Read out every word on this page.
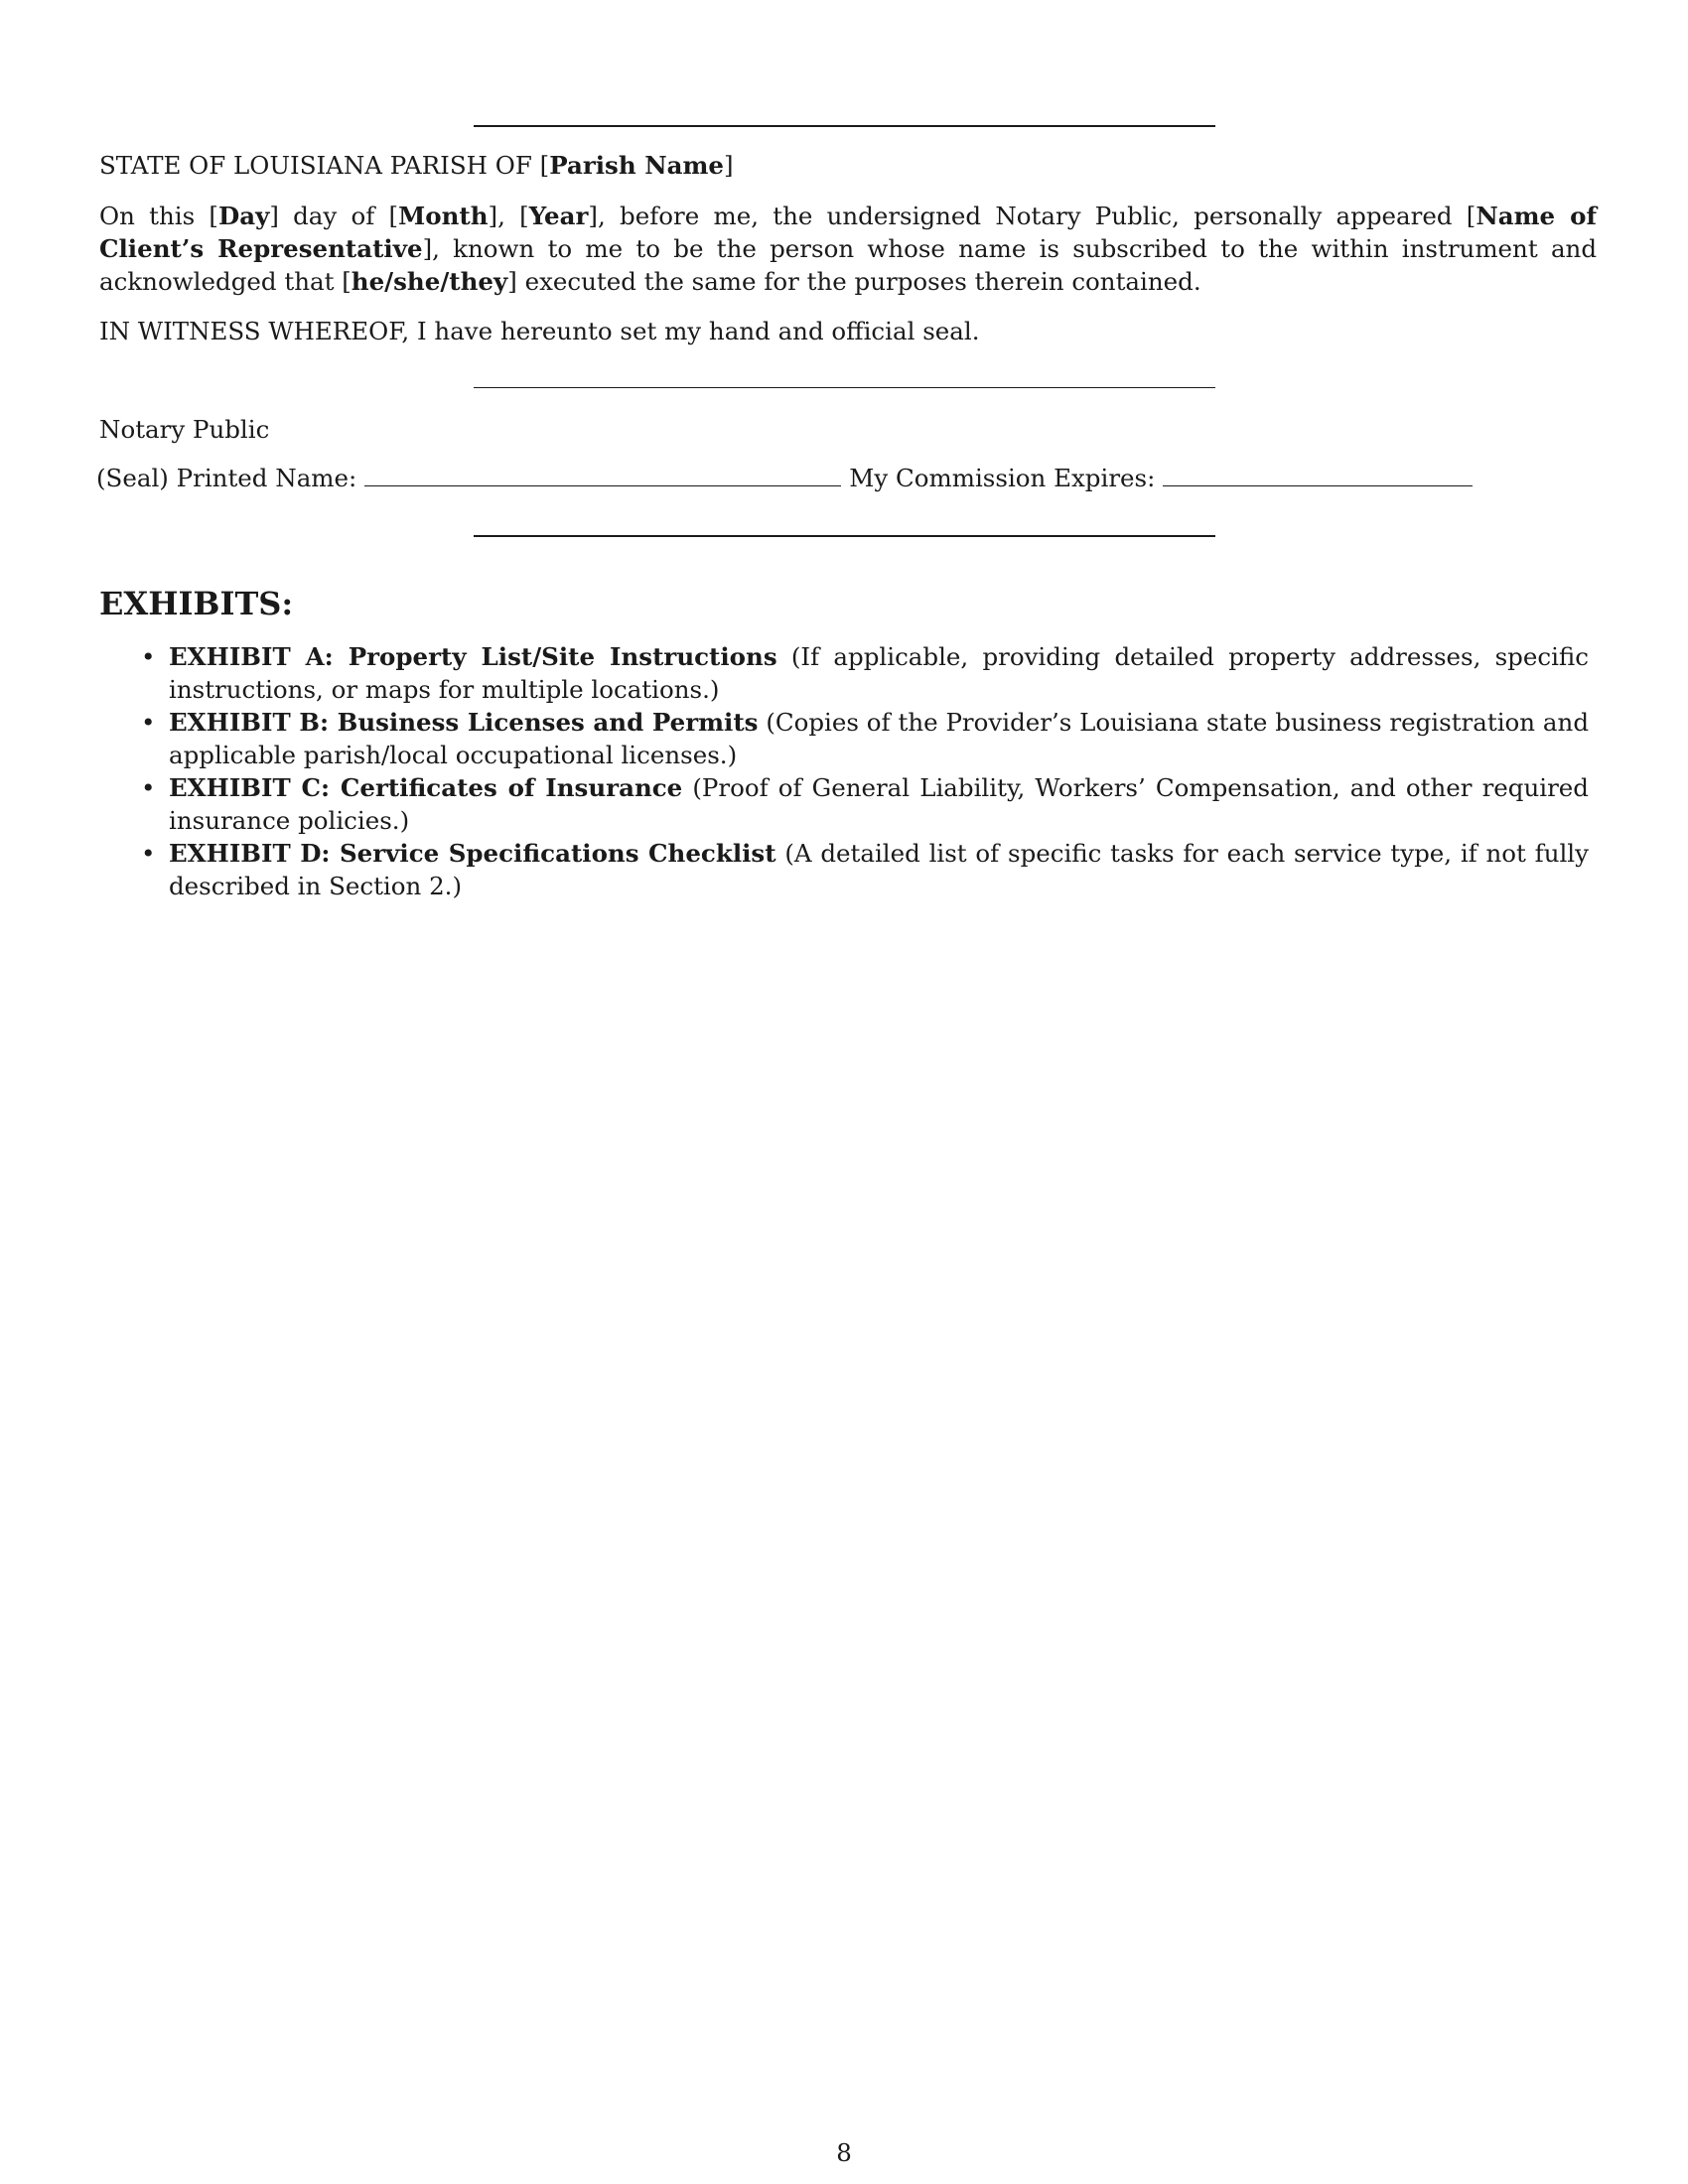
STATE OF LOUISIANA PARISH OF [Parish Name]
On this [Day] day of [Month], [Year], before me, the undersigned Notary Public, personally appeared [Name of Client’s Representative], known to me to be the person whose name is subscribed to the within instrument and acknowledged that [he/she/they] executed the same for the purposes therein contained.
IN WITNESS WHEREOF, I have hereunto set my hand and official seal.
Notary Public
(Seal) Printed Name:	My Commission Expires:
EXHIBITS:
• EXHIBIT A: Property List/Site Instructions (If applicable, providing detailed property addresses, specific instructions, or maps for multiple locations.)
• EXHIBIT B: Business Licenses and Permits (Copies of the Provider’s Louisiana state business registration and applicable parish/local occupational licenses.)
• EXHIBIT C: Certificates of Insurance (Proof of General Liability, Workers’ Compensation, and other required insurance policies.)
• EXHIBIT D: Service Specifications Checklist (A detailed list of specific tasks for each service type, if not fully described in Section 2.)
8
